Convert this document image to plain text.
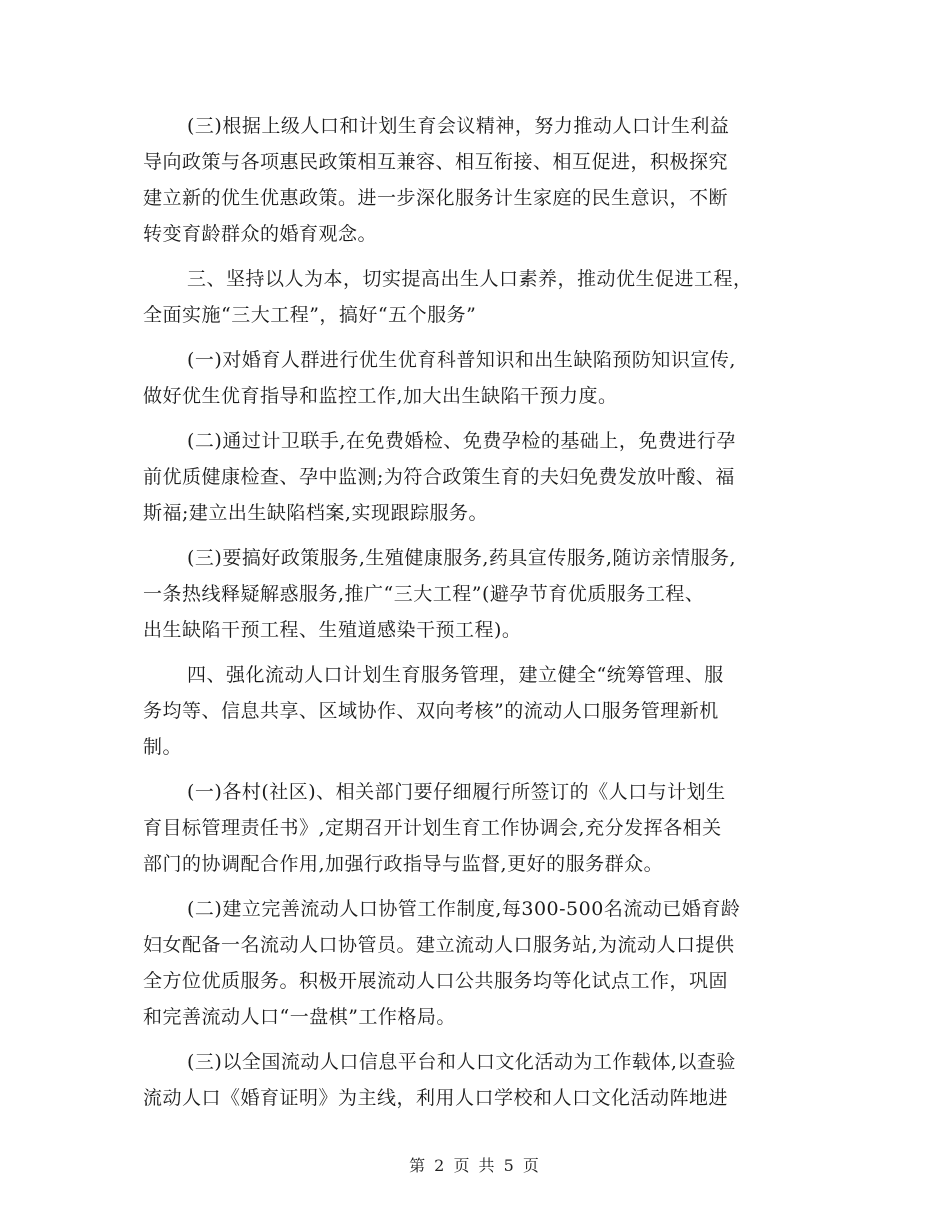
(三)根据上级人口和计划生育会议精神，努力推动人口计生利益
导向政策与各项惠民政策相互兼容、相互衔接、相互促进，积极探究
建立新的优生优惠政策。进一步深化服务计生家庭的民生意识，不断
转变育龄群众的婚育观念。
三、坚持以人为本，切实提高出生人口素养，推动优生促进工程，
全面实施“三大工程”，搞好“五个服务”
(一)对婚育人群进行优生优育科普知识和出生缺陷预防知识宣传,
做好优生优育指导和监控工作,加大出生缺陷干预力度。
(二)通过计卫联手,在免费婚检、免费孕检的基础上，免费进行孕
前优质健康检查、孕中监测;为符合政策生育的夫妇免费发放叶酸、福
斯福;建立出生缺陷档案,实现跟踪服务。
(三)要搞好政策服务,生殖健康服务,药具宣传服务,随访亲情服务,
一条热线释疑解惑服务,推广“三大工程”(避孕节育优质服务工程、
出生缺陷干预工程、生殖道感染干预工程)。
四、强化流动人口计划生育服务管理，建立健全“统筹管理、服
务均等、信息共享、区域协作、双向考核”的流动人口服务管理新机
制。
(一)各村(社区)、相关部门要仔细履行所签订的《人口与计划生
育目标管理责任书》,定期召开计划生育工作协调会,充分发挥各相关
部门的协调配合作用,加强行政指导与监督,更好的服务群众。
(二)建立完善流动人口协管工作制度,每300-500名流动已婚育龄
妇女配备一名流动人口协管员。建立流动人口服务站,为流动人口提供
全方位优质服务。积极开展流动人口公共服务均等化试点工作，巩固
和完善流动人口“一盘棋”工作格局。
(三)以全国流动人口信息平台和人口文化活动为工作载体,以查验
流动人口《婚育证明》为主线，利用人口学校和人口文化活动阵地进
第 2 页 共 5 页
